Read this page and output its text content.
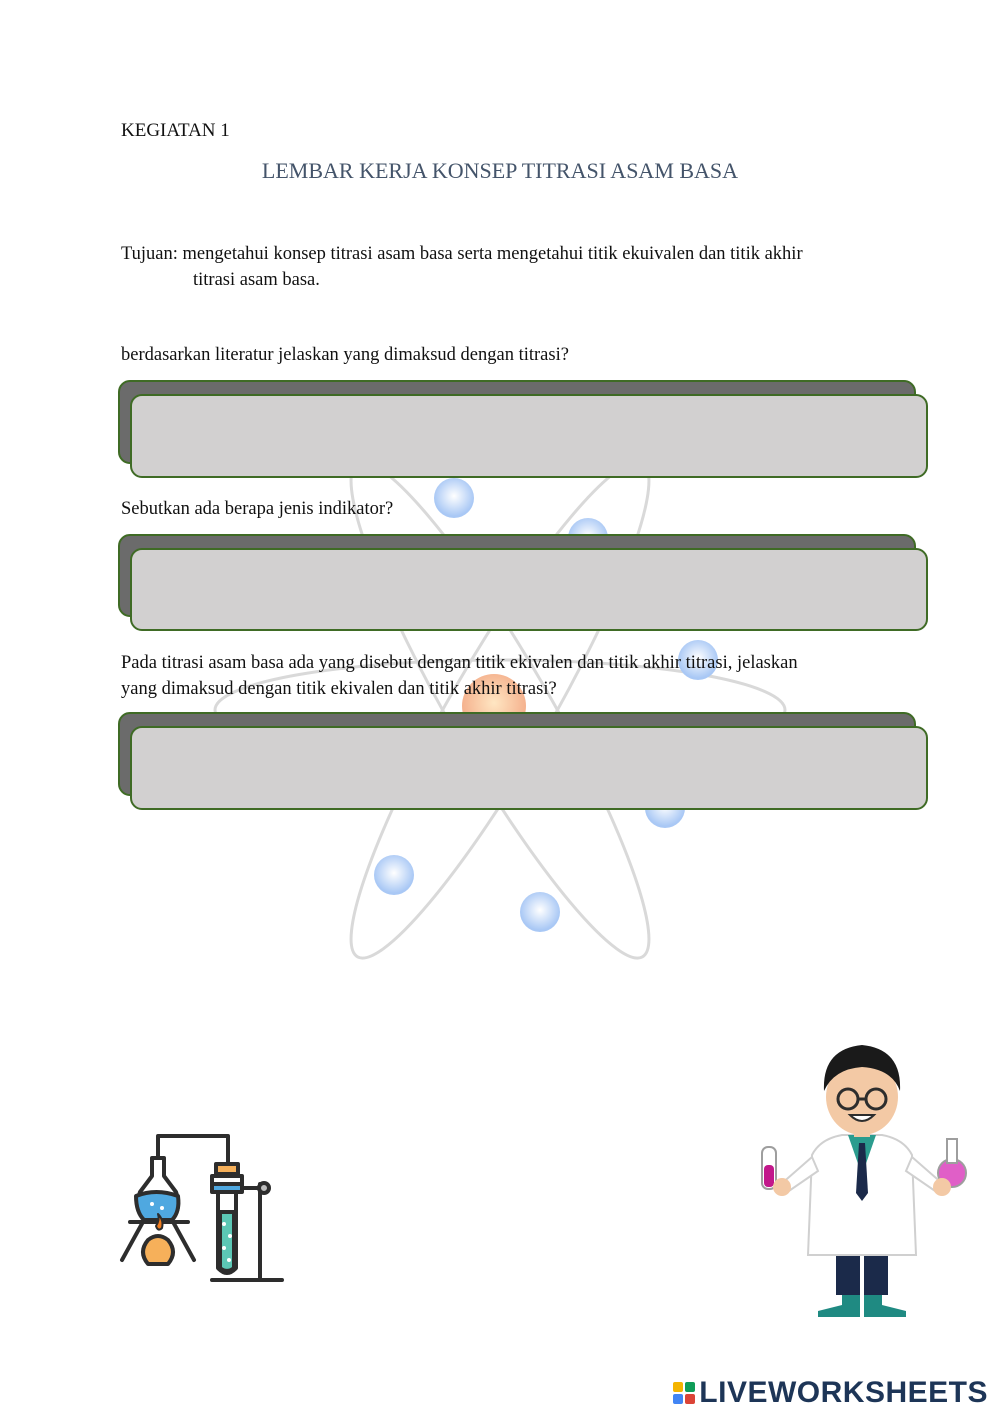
KEGIATAN 1
LEMBAR KERJA KONSEP TITRASI ASAM BASA
Tujuan: mengetahui konsep titrasi asam basa serta mengetahui titik ekuivalen dan titik akhir
titrasi asam basa.
berdasarkan literatur jelaskan yang dimaksud dengan titrasi?
Sebutkan ada berapa jenis indikator?
Pada titrasi asam basa ada yang disebut dengan titik ekivalen dan titik akhir titrasi, jelaskan
yang dimaksud dengan titik ekivalen dan titik akhir titrasi?
LIVEWORKSHEETS
